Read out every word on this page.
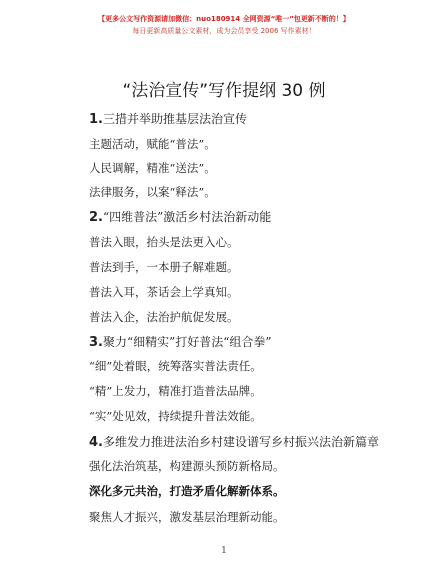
【更多公文写作资源请加微信：nuo180914 全网资源“唯一”包更新不断的！】
每日更新高质量公文素材，成为会员享受 2006 写作素材！
“法治宣传”写作提纲 30 例
1.三措并举助推基层法治宣传
主题活动，赋能“普法”。
人民调解，精准“送法”。
法律服务，以案“释法”。
2.“四维普法”激活乡村法治新动能
普法入眼，抬头是法更入心。
普法到手，一本册子解难题。
普法入耳，茶话会上学真知。
普法入企，法治护航促发展。
3.聚力“细精实”打好普法“组合拳”
“细”处着眼，统筹落实普法责任。
“精”上发力，精准打造普法品牌。
“实”处见效，持续提升普法效能。
4.多维发力推进法治乡村建设谱写乡村振兴法治新篇章
强化法治筑基，构建源头预防新格局。
深化多元共治，打造矛盾化解新体系。
聚焦人才振兴，激发基层治理新动能。
1
